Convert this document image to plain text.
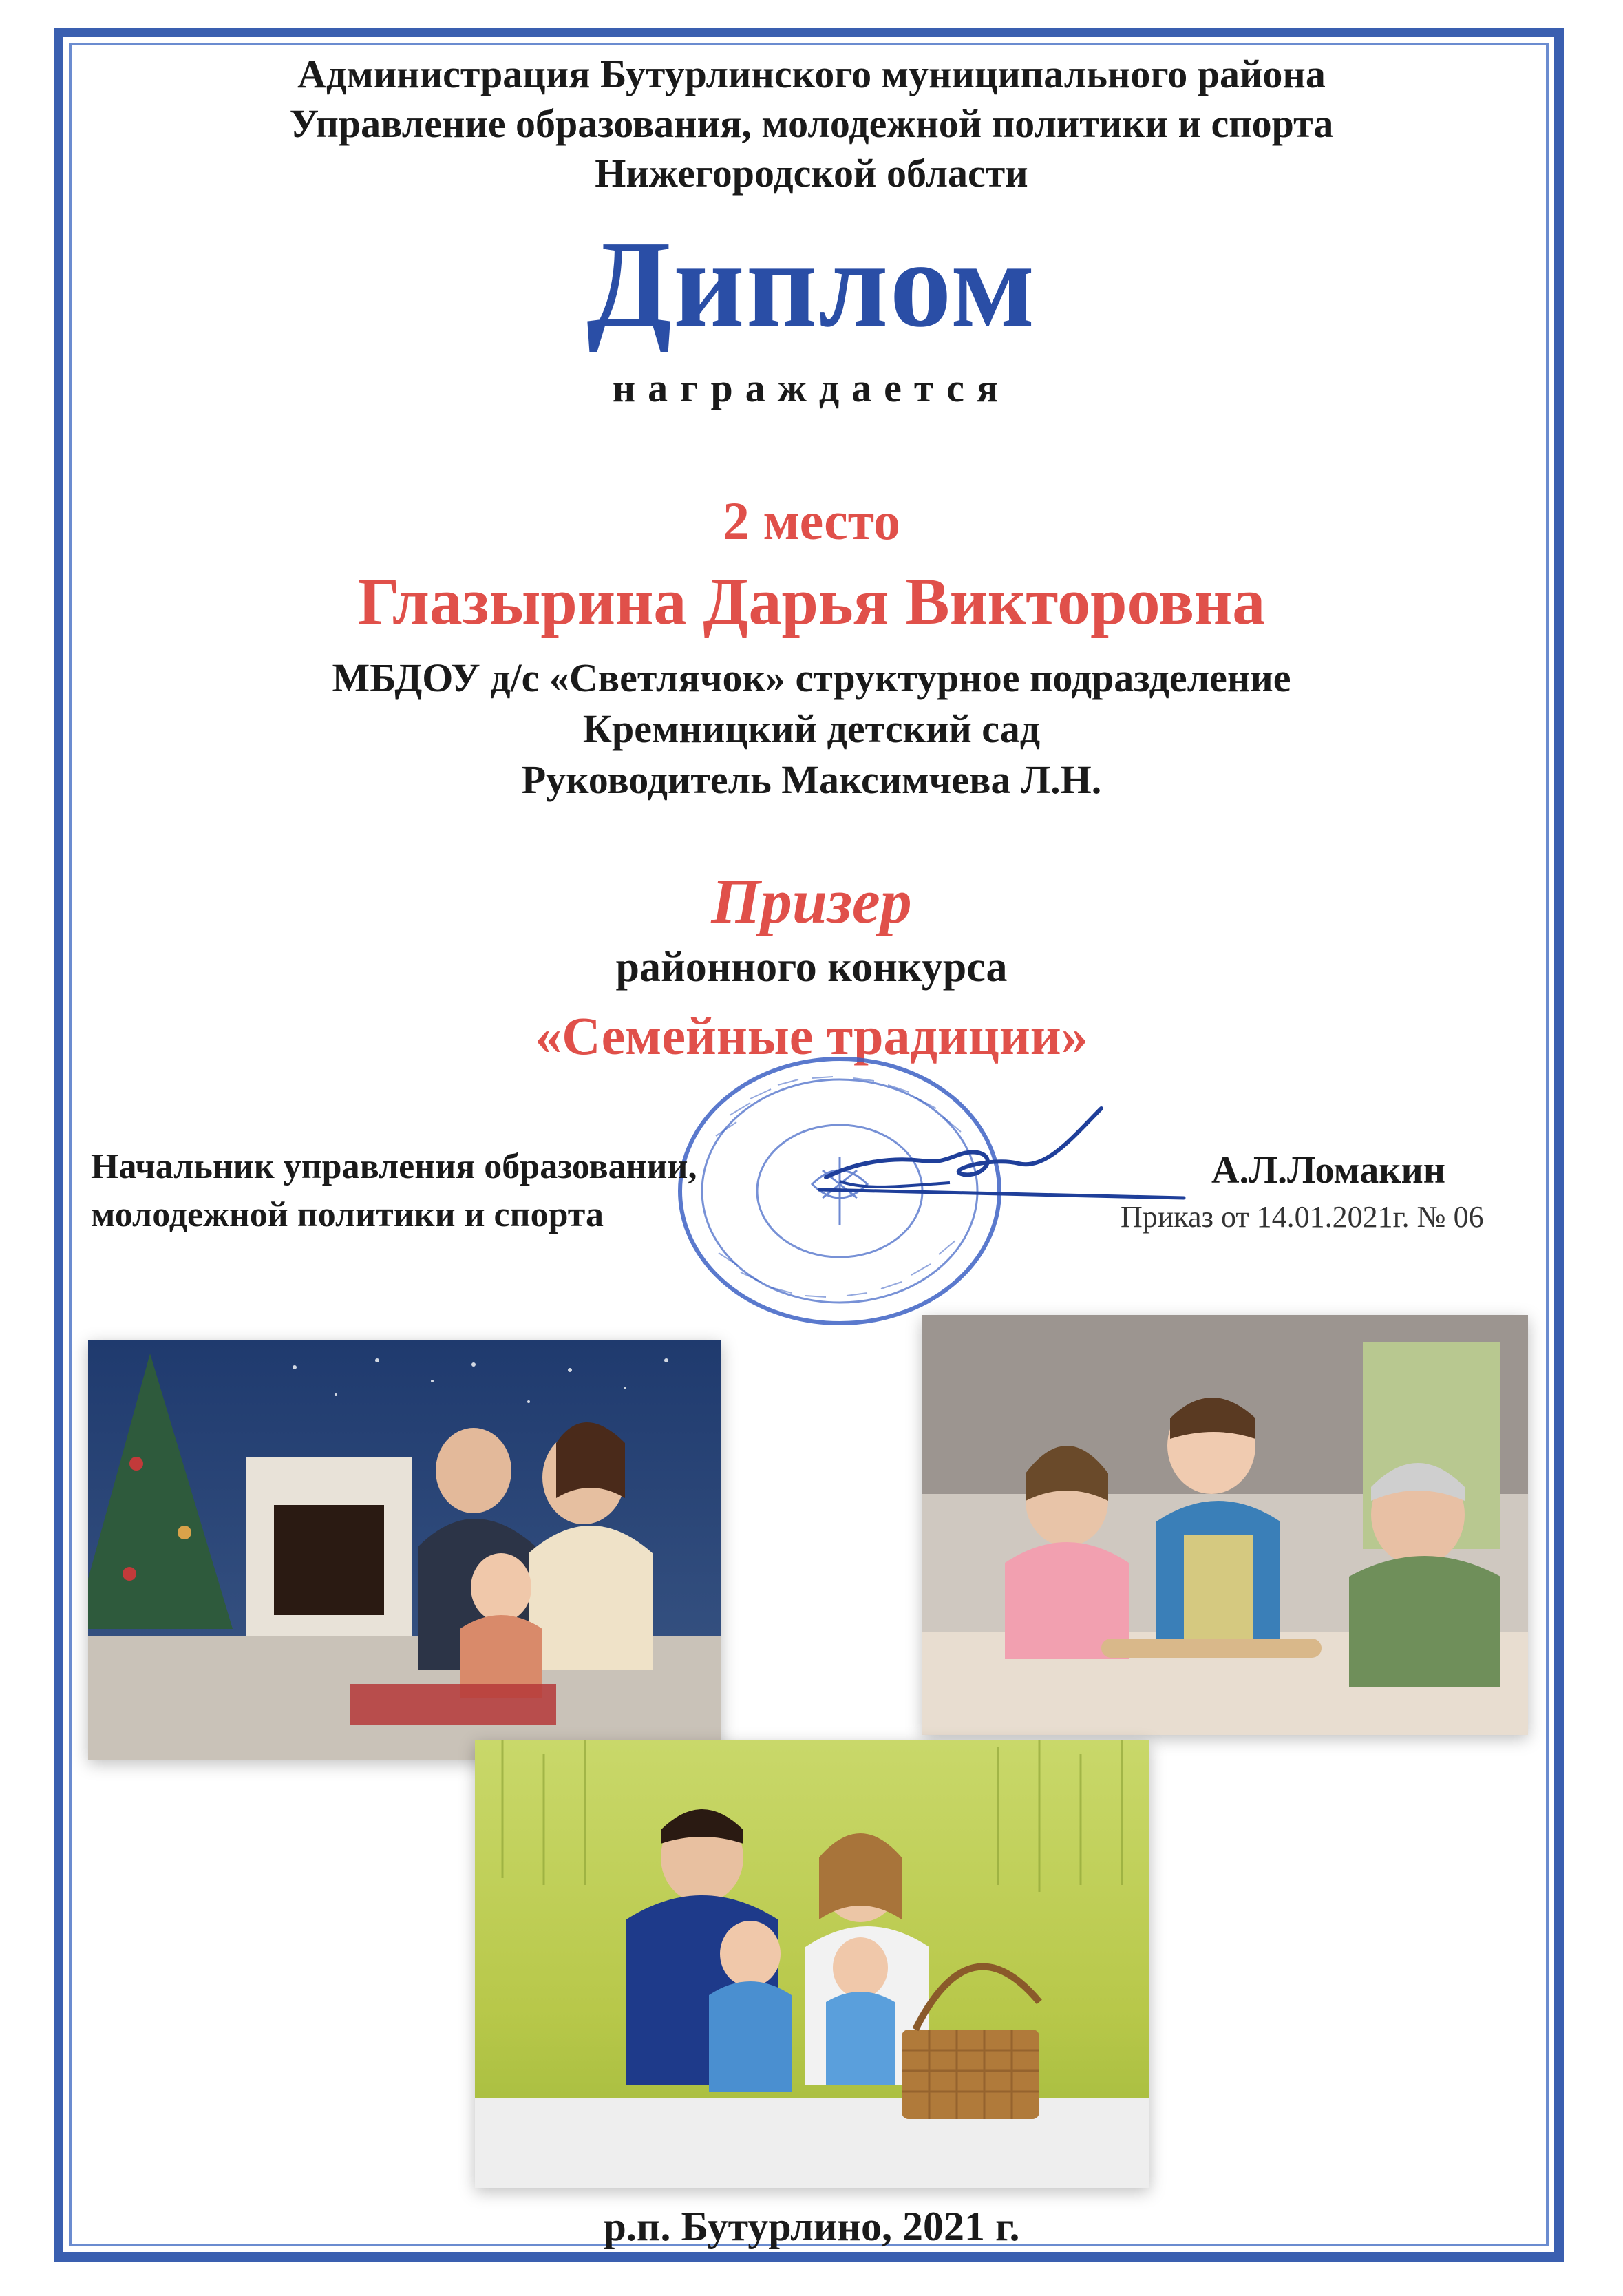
Администрация Бутурлинского муниципального района
Управление образования, молодежной политики и спорта
Нижегородской области
Диплом
награждается
2 место
Глазырина Дарья Викторовна
МБДОУ д/с «Светлячок» структурное подразделение
Кремницкий детский сад
Руководитель Максимчева Л.Н.
Призер
районного конкурса
«Семейные традиции»
Начальник управления образовании,
молодежной политики и спорта
А.Л.Ломакин
Приказ от 14.01.2021г. № 06
р.п. Бутурлино, 2021 г.
